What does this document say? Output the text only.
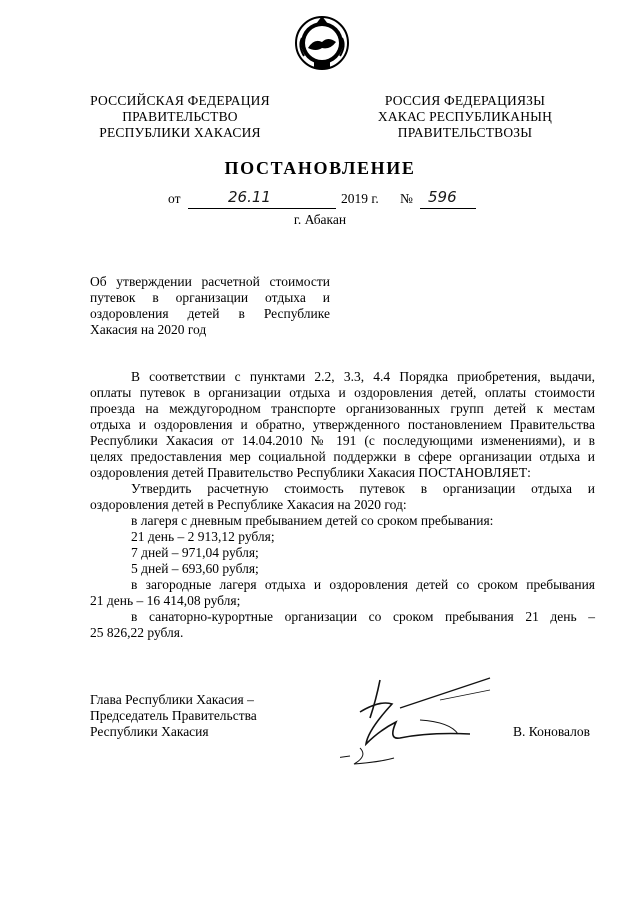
РОССИЙСКАЯ ФЕДЕРАЦИЯ
ПРАВИТЕЛЬСТВО
РЕСПУБЛИКИ ХАКАСИЯ
РОССИЯ ФЕДЕРАЦИЯЗЫ
ХАКАС РЕСПУБЛИКАНЫҢ
ПРАВИТЕЛЬСТВОЗЫ
ПОСТАНОВЛЕНИЕ
от	26.11	2019 г. № 596
г. Абакан
Об утверждении расчетной стоимости
путевок в организации отдыха и
оздоровления детей в Республике
Хакасия на 2020 год
В соответствии с пунктами 2.2, 3.3, 4.4 Порядка приобретения, выдачи,
оплаты путевок в организации отдыха и оздоровления детей, оплаты стоимости
проезда на междугородном транспорте организованных групп детей к местам
отдыха и оздоровления и обратно, утвержденного постановлением Правительства
Республики Хакасия от 14.04.2010 № 191 (с последующими изменениями), и в
целях предоставления мер социальной поддержки в сфере организации отдыха и
оздоровления детей Правительство Республики Хакасия ПОСТАНОВЛЯЕТ:
Утвердить расчетную стоимость путевок в организации отдыха и
оздоровления детей в Республике Хакасия на 2020 год:
в лагеря с дневным пребыванием детей со сроком пребывания:
21 день – 2 913,12 рубля;
7 дней – 971,04 рубля;
5 дней – 693,60 рубля;
в загородные лагеря отдыха и оздоровления детей со сроком пребывания
21 день – 16 414,08 рубля;
в санаторно-курортные организации со сроком пребывания 21 день –
25 826,22 рубля.
Глава Республики Хакасия –
Председатель Правительства
Республики Хакасия	В. Коновалов
